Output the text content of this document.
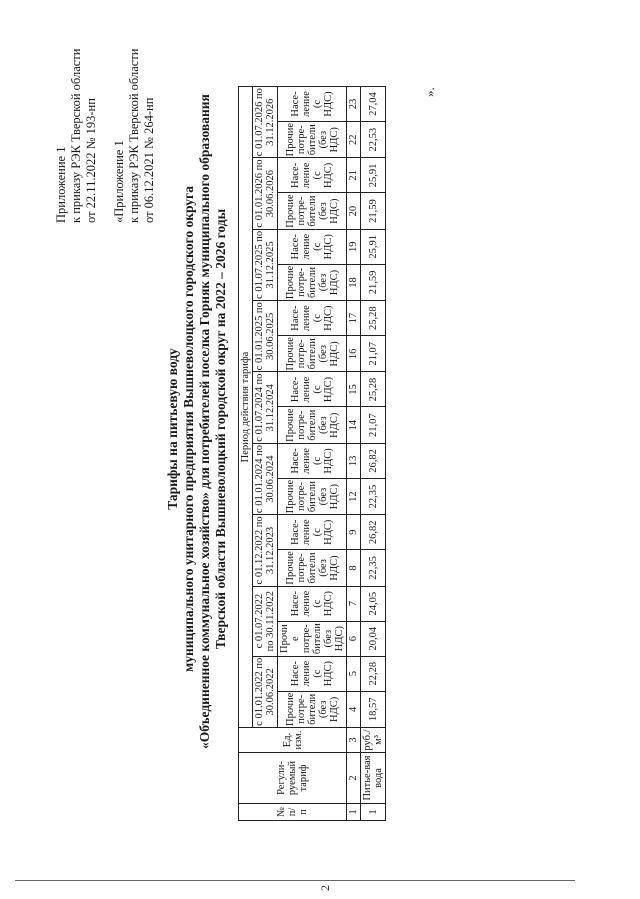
Приложение 1 к приказу РЭК Тверской области от 22.11.2022 № 193-нп «Приложение 1 к приказу РЭК Тверской области от 06.12.2021 № 264-нп
Тарифы на питьевую воду муниципального унитарного предприятия Вышневолоцкого городского округа «Объединенное коммунальное хозяйство» для потребителей поселка Горняк муниципального образования Тверской области Вышневолоцкий городской округ на 2022 – 2026 годы
№ п/п	Регули-руемый тариф	Ед. изм.	Период действия тарифа																	
			с 01.01.2022 по 30.06.2022		с 01.07.2022 по 30.11.2022		с 01.12.2022 по 31.12.2023		с 01.01.2024 по 30.06.2024		с 01.07.2024 по 31.12.2024		с 01.01.2025 по 30.06.2025		с 01.07.2025 по 31.12.2025		с 01.01.2026 по 30.06.2026		с 01.07.2026 по 31.12.2026	
			Прочие потре-бители (без НДС)	Насе-ление (с НДС)	Прочи е потре-бители (без НДС)	Насе-ление (с НДС)	Прочие потре-бители (без НДС)	Насе-ление (с НДС)	Прочие потре-бители (без НДС)	Насе-ление (с НДС)	Прочие потре-бители (без НДС)	Насе-ление (с НДС)	Прочие потре-бители (без НДС)	Насе-ление (с НДС)	Прочие потре-бители (без НДС)	Насе-ление (с НДС)	Прочие потре-бители (без НДС)	Насе-ление (с НДС)	Прочие потре-бители (без НДС)	Насе-ление (с НДС)
1	2	3	4	5	6	7	8	9	12	13	14	15	16	17	18	19	20	21	22	23
1	Питье-вая вода	руб./м³	18,57	22,28	20,04	24,05	22,35	26,82	22,35	26,82	21,07	25,28	21,07	25,28	21,59	25,91	21,59	25,91	22,53	27,04
».
2
